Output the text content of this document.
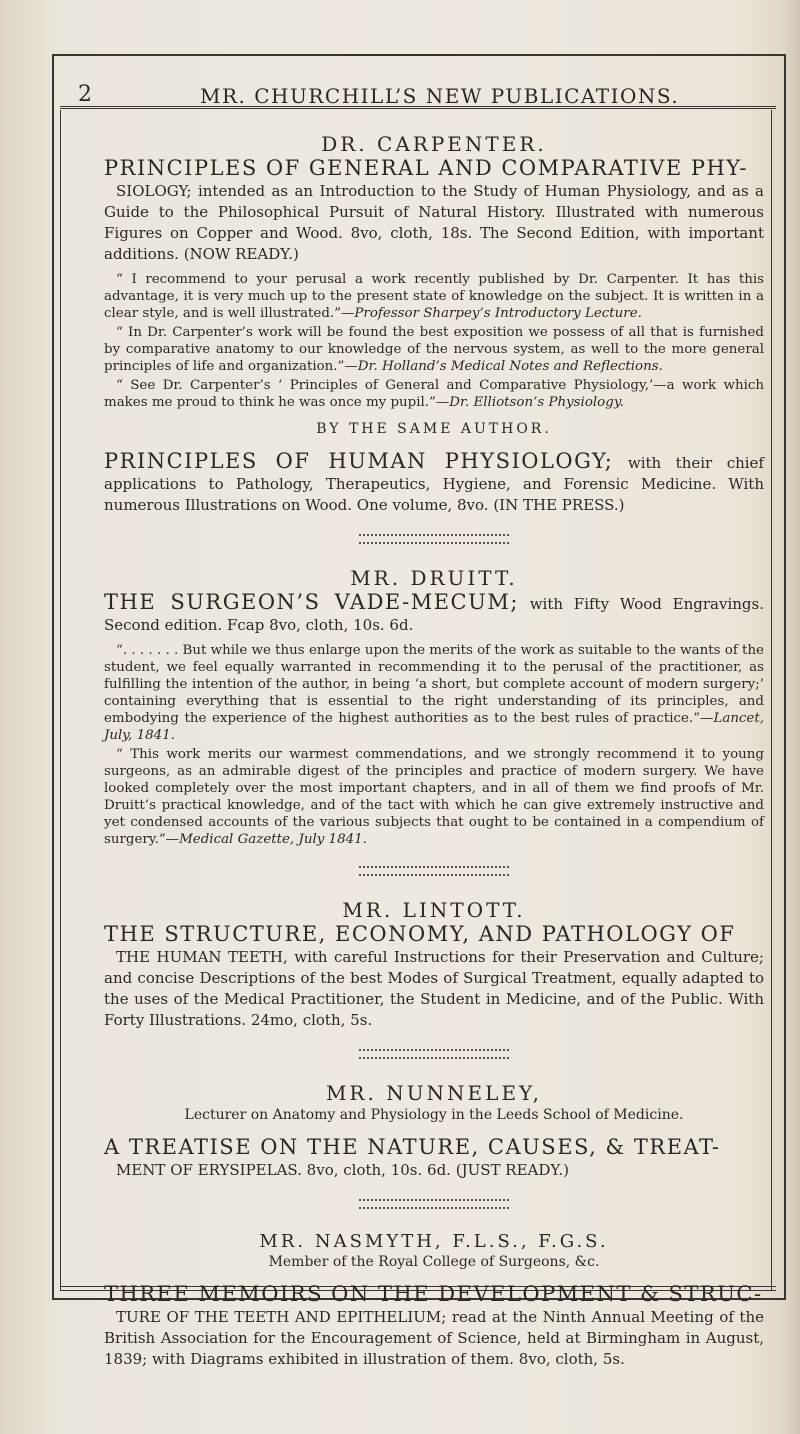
2	MR. CHURCHILL’S NEW PUBLICATIONS.

DR. CARPENTER.

PRINCIPLES OF GENERAL AND COMPARATIVE PHY-
SIOLOGY; intended as an Introduction to the Study of Human Physiology, and as a Guide to the Philosophical Pursuit of Natural History. Illustrated with numerous Figures on Copper and Wood. 8vo, cloth, 18s. The Second Edition, with important additions. (NOW READY.)

“ I recommend to your perusal a work recently published by Dr. Carpenter. It has this advantage, it is very much up to the present state of knowledge on the subject. It is written in a clear style, and is well illustrated.”—Professor Sharpey’s Introductory Lecture.

“ In Dr. Carpenter’s work will be found the best exposition we possess of all that is furnished by comparative anatomy to our knowledge of the nervous system, as well to the more general principles of life and organization.”—Dr. Holland’s Medical Notes and Reflections.

“ See Dr. Carpenter’s ‘ Principles of General and Comparative Physiology,’—a work which makes me proud to think he was once my pupil.”—Dr. Elliotson’s Physiology.

BY THE SAME AUTHOR.

PRINCIPLES OF HUMAN PHYSIOLOGY; with their chief applications to Pathology, Therapeutics, Hygiene, and Forensic Medicine. With numerous Illustrations on Wood. One volume, 8vo. (IN THE PRESS.)

MR. DRUITT.

THE SURGEON’S VADE-MECUM; with Fifty Wood Engravings. Second edition. Fcap 8vo, cloth, 10s. 6d.

“. . . . . . . But while we thus enlarge upon the merits of the work as suitable to the wants of the student, we feel equally warranted in recommending it to the perusal of the practitioner, as fulfilling the intention of the author, in being ‘a short, but complete account of modern surgery;’ containing everything that is essential to the right understanding of its principles, and embodying the experience of the highest authorities as to the best rules of practice.”—Lancet, July, 1841.

“ This work merits our warmest commendations, and we strongly recommend it to young surgeons, as an admirable digest of the principles and practice of modern surgery. We have looked completely over the most important chapters, and in all of them we find proofs of Mr. Druitt’s practical knowledge, and of the tact with which he can give extremely instructive and yet condensed accounts of the various subjects that ought to be contained in a compendium of surgery.”—Medical Gazette, July 1841.

MR. LINTOTT.

THE STRUCTURE, ECONOMY, AND PATHOLOGY OF
THE HUMAN TEETH, with careful Instructions for their Preservation and Culture; and concise Descriptions of the best Modes of Surgical Treatment, equally adapted to the uses of the Medical Practitioner, the Student in Medicine, and of the Public. With Forty Illustrations. 24mo, cloth, 5s.

MR. NUNNELEY,

Lecturer on Anatomy and Physiology in the Leeds School of Medicine.

A TREATISE ON THE NATURE, CAUSES, & TREAT-
MENT OF ERYSIPELAS. 8vo, cloth, 10s. 6d. (JUST READY.)

MR. NASMYTH, F.L.S., F.G.S.

Member of the Royal College of Surgeons, &c.

THREE MEMOIRS ON THE DEVELOPMENT & STRUC-
TURE OF THE TEETH AND EPITHELIUM; read at the Ninth Annual Meeting of the British Association for the Encouragement of Science, held at Birmingham in August, 1839; with Diagrams exhibited in illustration of them. 8vo, cloth, 5s.
